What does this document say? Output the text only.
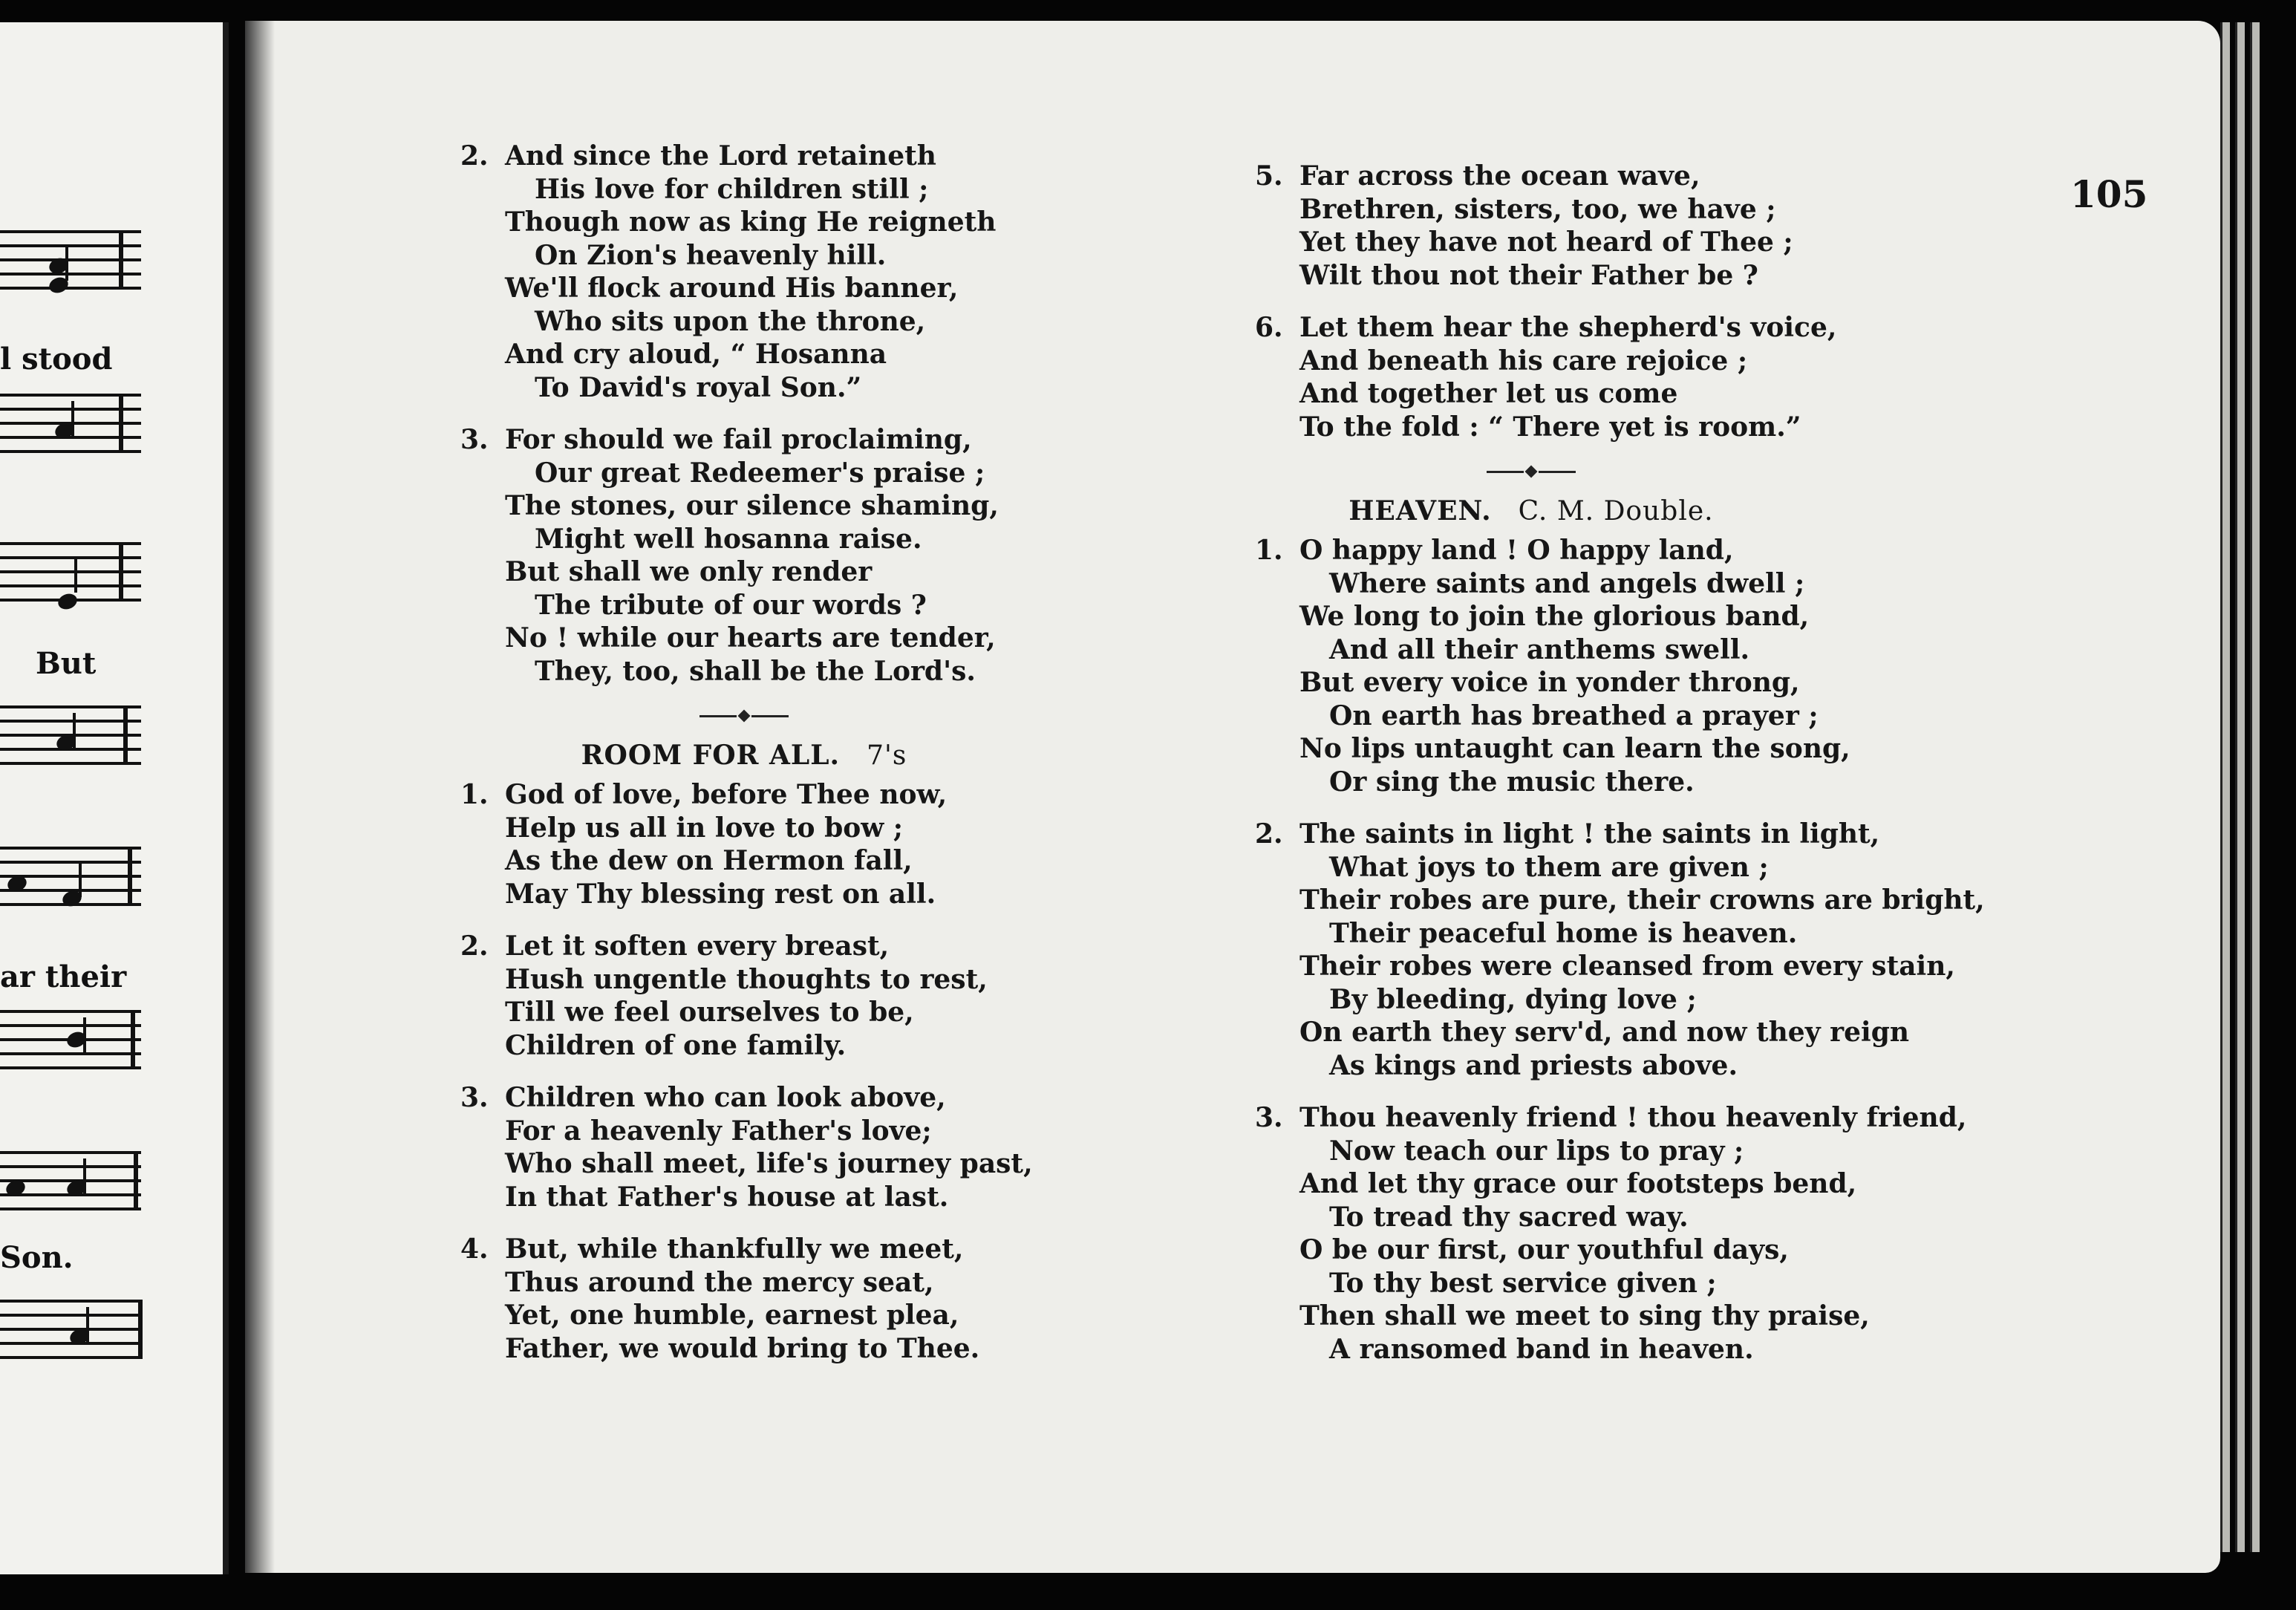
l stood
But
ar their
Son.
105
2. And since the Lord retaineth
His love for children still ;
Though now as king He reigneth
On Zion's heavenly hill.
We'll flock around His banner,
Who sits upon the throne,
And cry aloud, “ Hosanna
To David's royal Son.”
3. For should we fail proclaiming,
Our great Redeemer's praise ;
The stones, our silence shaming,
Might well hosanna raise.
But shall we only render
The tribute of our words ?
No ! while our hearts are tender,
They, too, shall be the Lord's.
ROOM FOR ALL. 7's
1. God of love, before Thee now,
Help us all in love to bow ;
As the dew on Hermon fall,
May Thy blessing rest on all.
2. Let it soften every breast,
Hush ungentle thoughts to rest,
Till we feel ourselves to be,
Children of one family.
3. Children who can look above,
For a heavenly Father's love;
Who shall meet, life's journey past,
In that Father's house at last.
4. But, while thankfully we meet,
Thus around the mercy seat,
Yet, one humble, earnest plea,
Father, we would bring to Thee.
5. Far across the ocean wave,
Brethren, sisters, too, we have ;
Yet they have not heard of Thee ;
Wilt thou not their Father be ?
6. Let them hear the shepherd's voice,
And beneath his care rejoice ;
And together let us come
To the fold : “ There yet is room.”
HEAVEN. C. M. Double.
1. O happy land ! O happy land,
Where saints and angels dwell ;
We long to join the glorious band,
And all their anthems swell.
But every voice in yonder throng,
On earth has breathed a prayer ;
No lips untaught can learn the song,
Or sing the music there.
2. The saints in light ! the saints in light,
What joys to them are given ;
Their robes are pure, their crowns are bright,
Their peaceful home is heaven.
Their robes were cleansed from every stain,
By bleeding, dying love ;
On earth they serv'd, and now they reign
As kings and priests above.
3. Thou heavenly friend ! thou heavenly friend,
Now teach our lips to pray ;
And let thy grace our footsteps bend,
To tread thy sacred way.
O be our first, our youthful days,
To thy best service given ;
Then shall we meet to sing thy praise,
A ransomed band in heaven.
